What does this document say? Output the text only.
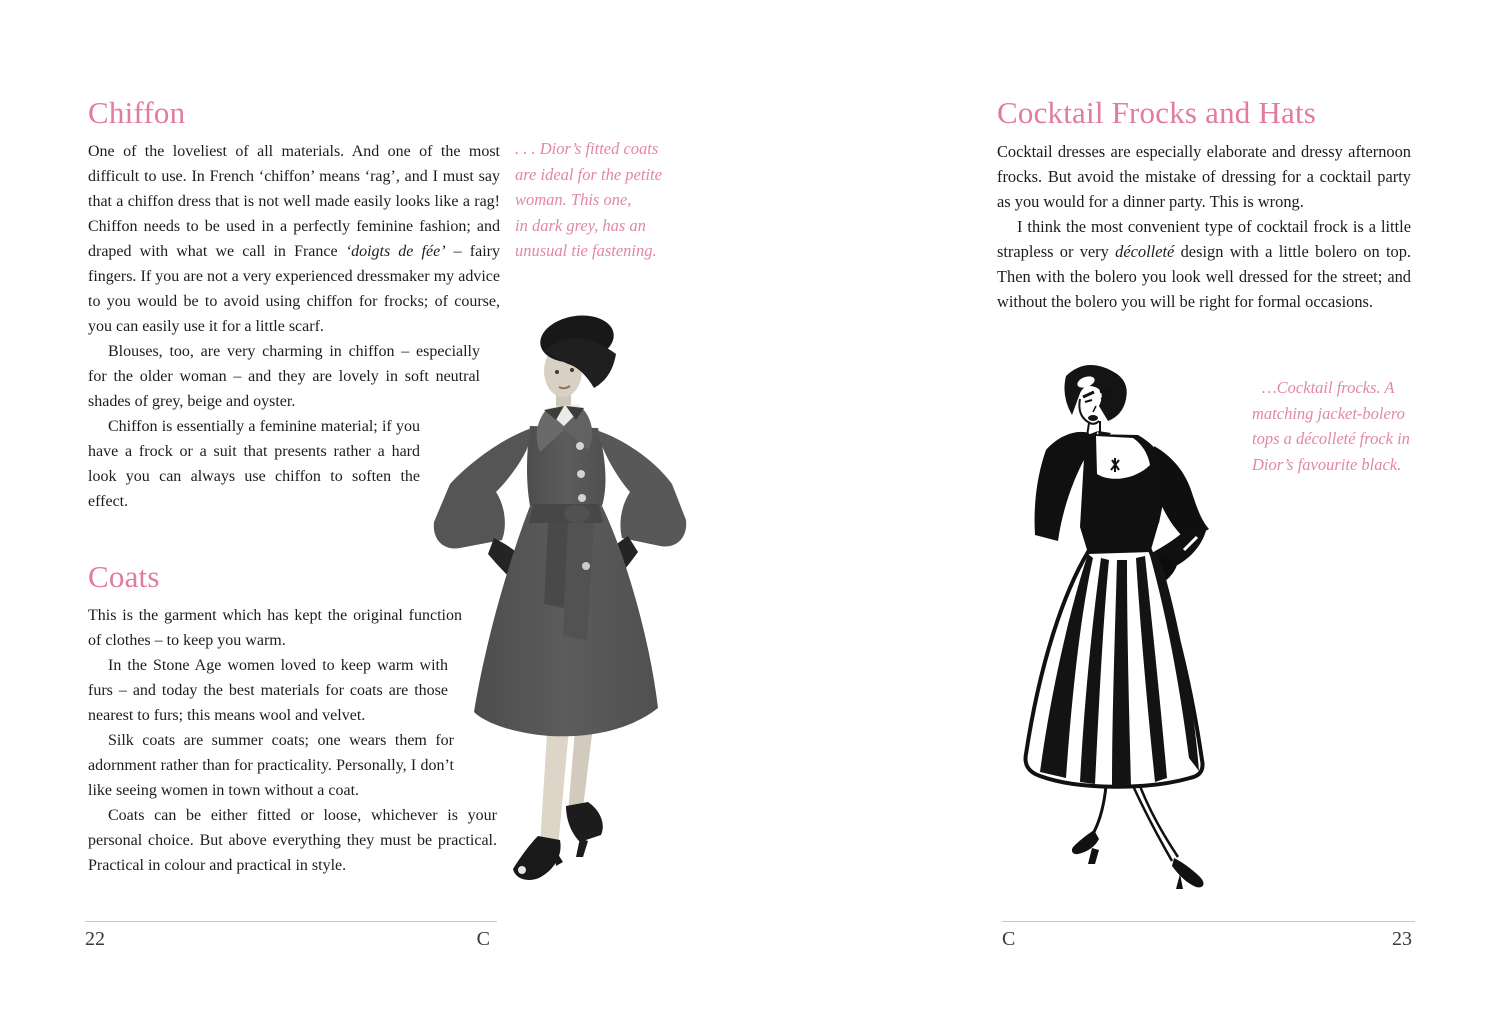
Chiffon

One of the loveliest of all materials. And one of the most difficult to use. In French ‘chiffon’ means ‘rag’, and I must say that a chiffon dress that is not well made easily looks like a rag! Chiffon needs to be used in a perfectly feminine fashion; and draped with what we call in France ‘doigts de fée’ – fairy fingers. If you are not a very experienced dressmaker my advice to you would be to avoid using chiffon for frocks; of course, you can easily use it for a little scarf.

Blouses, too, are very charming in chiffon – especially for the older woman – and they are lovely in soft neutral shades of grey, beige and oyster.

Chiffon is essentially a feminine material; if you have a frock or a suit that presents rather a hard look you can always use chiffon to soften the effect.

. . . Dior’s fitted coats
are ideal for the petite
woman. This one,
in dark grey, has an
unusual tie fastening.
Coats

This is the garment which has kept the original function of clothes – to keep you warm.

In the Stone Age women loved to keep warm with furs – and today the best materials for coats are those nearest to furs; this means wool and velvet.

Silk coats are summer coats; one wears them for adornment rather than for practicality. Personally, I don’t like seeing women in town without a coat.

Coats can be either fitted or loose, whichever is your personal choice. But above everything they must be practical. Practical in colour and practical in style.

22	C
Cocktail Frocks and Hats

Cocktail dresses are especially elaborate and dressy afternoon frocks. But avoid the mistake of dressing for a cocktail party as you would for a dinner party. This is wrong.

I think the most convenient type of cocktail frock is a little strapless or very décolleté design with a little bolero on top. Then with the bolero you look well dressed for the street; and without the bolero you will be right for formal occasions.

…Cocktail frocks. A
matching jacket-bolero
tops a décolleté frock in
Dior’s favourite black.
C	23
